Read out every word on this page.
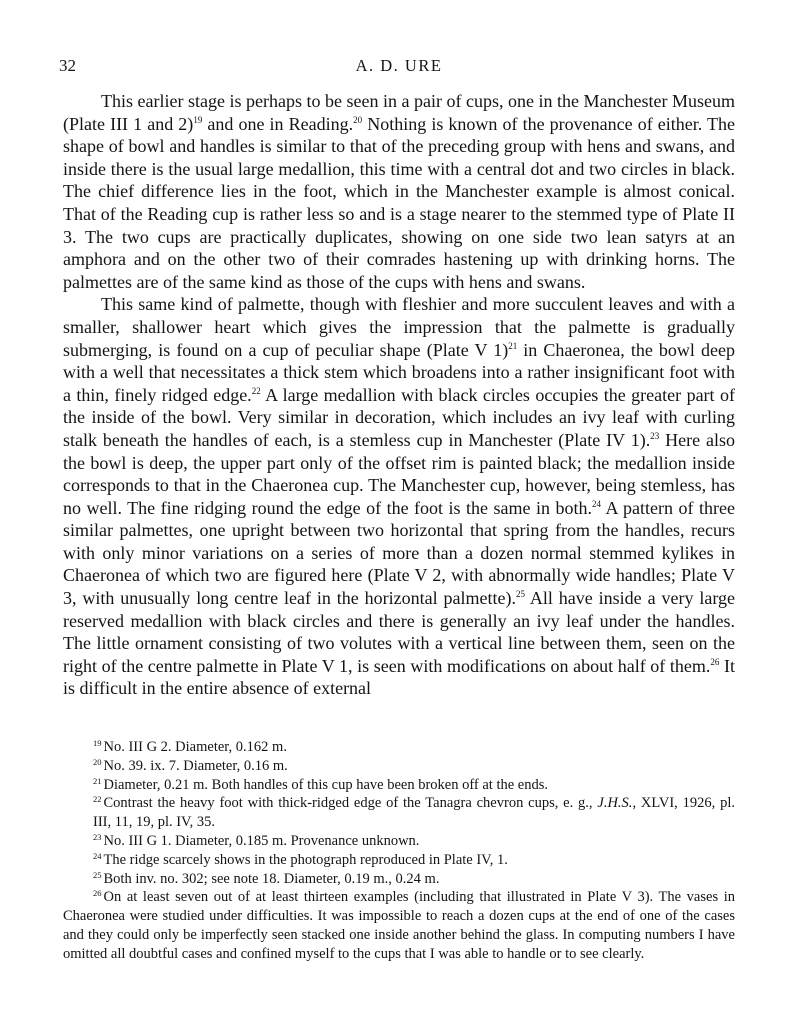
32	A. D. URE

This earlier stage is perhaps to be seen in a pair of cups, one in the Manchester Museum (Plate III 1 and 2)$^{19}$ and one in Reading.$^{20}$ Nothing is known of the provenance of either. The shape of bowl and handles is similar to that of the preceding group with hens and swans, and inside there is the usual large medallion, this time with a central dot and two circles in black. The chief difference lies in the foot, which in the Manchester example is almost conical. That of the Reading cup is rather less so and is a stage nearer to the stemmed type of Plate II 3. The two cups are practically duplicates, showing on one side two lean satyrs at an amphora and on the other two of their comrades hastening up with drinking horns. The palmettes are of the same kind as those of the cups with hens and swans.

This same kind of palmette, though with fleshier and more succulent leaves and with a smaller, shallower heart which gives the impression that the palmette is gradually submerging, is found on a cup of peculiar shape (Plate V 1)$^{21}$ in Chaeronea, the bowl deep with a well that necessitates a thick stem which broadens into a rather insignificant foot with a thin, finely ridged edge.$^{22}$ A large medallion with black circles occupies the greater part of the inside of the bowl. Very similar in decoration, which includes an ivy leaf with curling stalk beneath the handles of each, is a stemless cup in Manchester (Plate IV 1).$^{23}$ Here also the bowl is deep, the upper part only of the offset rim is painted black; the medallion inside corresponds to that in the Chaeronea cup. The Manchester cup, however, being stemless, has no well. The fine ridging round the edge of the foot is the same in both.$^{24}$ A pattern of three similar palmettes, one upright between two horizontal that spring from the handles, recurs with only minor variations on a series of more than a dozen normal stemmed kylikes in Chaeronea of which two are figured here (Plate V 2, with abnormally wide handles; Plate V 3, with unusually long centre leaf in the horizontal palmette).$^{25}$ All have inside a very large reserved medallion with black circles and there is generally an ivy leaf under the handles. The little ornament consisting of two volutes with a vertical line between them, seen on the right of the centre palmette in Plate V 1, is seen with modifications on about half of them.$^{26}$ It is difficult in the entire absence of external

$^{19}$ No. III G 2. Diameter, 0.162 m.

$^{20}$ No. 39. ix. 7. Diameter, 0.16 m.

$^{21}$ Diameter, 0.21 m. Both handles of this cup have been broken off at the ends.

$^{22}$ Contrast the heavy foot with thick-ridged edge of the Tanagra chevron cups, e. g., J.H.S., XLVI, 1926, pl. III, 11, 19, pl. IV, 35.

$^{23}$ No. III G 1. Diameter, 0.185 m. Provenance unknown.

$^{24}$ The ridge scarcely shows in the photograph reproduced in Plate IV, 1.

$^{25}$ Both inv. no. 302; see note 18. Diameter, 0.19 m., 0.24 m.

$^{26}$ On at least seven out of at least thirteen examples (including that illustrated in Plate V 3). The vases in Chaeronea were studied under difficulties. It was impossible to reach a dozen cups at the end of one of the cases and they could only be imperfectly seen stacked one inside another behind the glass. In computing numbers I have omitted all doubtful cases and confined myself to the cups that I was able to handle or to see clearly.
